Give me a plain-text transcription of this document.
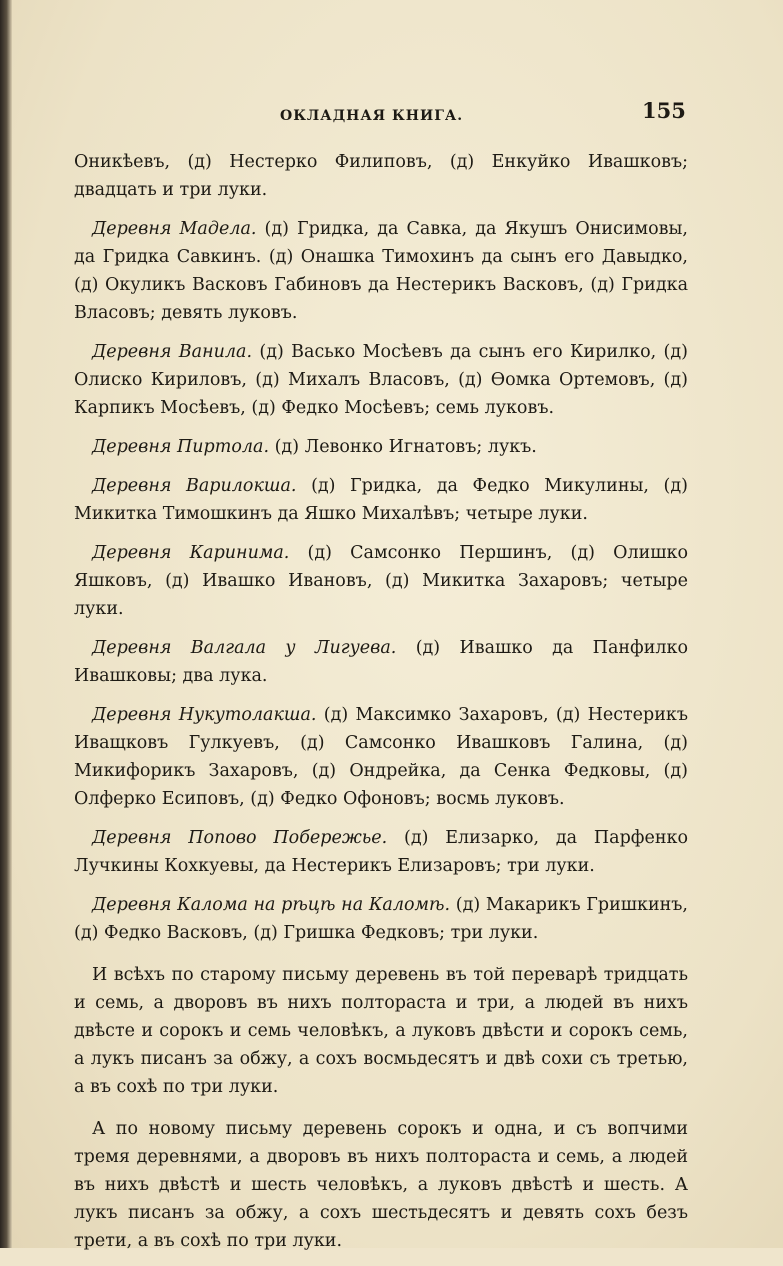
ОКЛАДНАЯ КНИГА.	155

Оникѣевъ, (д) Нестерко Филиповъ, (д) Енкуйко Ивашковъ; двадцать и три луки.

Деревня Мадела. (д) Гридка, да Савка, да Якушъ Онисимовы, да Гридка Савкинъ. (д) Онашка Тимохинъ да сынъ его Давыдко, (д) Окуликъ Васковъ Габиновъ да Нестерикъ Васковъ, (д) Гридка Власовъ; девять луковъ.

Деревня Ванила. (д) Васько Мосѣевъ да сынъ его Кирилко, (д) Олиско Кириловъ, (д) Михалъ Власовъ, (д) Ѳомка Ортемовъ, (д) Карпикъ Мосѣевъ, (д) Федко Мосѣевъ; семь луковъ.

Деревня Пиртола. (д) Левонко Игнатовъ; лукъ.

Деревня Варилокша. (д) Гридка, да Федко Микулины, (д) Микитка Тимошкинъ да Яшко Михалѣвъ; четыре луки.

Деревня Каринима. (д) Самсонко Першинъ, (д) Олишко Яшковъ, (д) Ивашко Ивановъ, (д) Микитка Захаровъ; четыре луки.

Деревня Валгала у Лигуева. (д) Ивашко да Панфилко Ивашковы; два лука.

Деревня Нукутолакша. (д) Максимко Захаровъ, (д) Нестерикъ Иващковъ Гулкуевъ, (д) Самсонко Ивашковъ Галина, (д) Микифорикъ Захаровъ, (д) Ондрейка, да Сенка Федковы, (д) Олферко Есиповъ, (д) Федко Офоновъ; восмь луковъ.

Деревня Попово Побережье. (д) Елизарко, да Парфенко Лучкины Кохкуевы, да Нестерикъ Елизаровъ; три луки.

Деревня Калома на рѣцѣ на Каломѣ. (д) Макарикъ Гришкинъ, (д) Федко Васковъ, (д) Гришка Федковъ; три луки.

И всѣхъ по старому письму деревень въ той переварѣ тридцать и семь, а дворовъ въ нихъ полтораста и три, а людей въ нихъ двѣсте и сорокъ и семь человѣкъ, а луковъ двѣсти и сорокъ семь, а лукъ писанъ за обжу, а сохъ восмьдесятъ и двѣ сохи съ третью, а въ сохѣ по три луки.

А по новому письму деревень сорокъ и одна, и съ вопчими тремя деревнями, а дворовъ въ нихъ полтораста и семь, а людей въ нихъ двѣстѣ и шесть человѣкъ, а луковъ двѣстѣ и шесть. А лукъ писанъ за обжу, а сохъ шестьдесятъ и девять сохъ безъ трети, а въ сохѣ по три луки.
